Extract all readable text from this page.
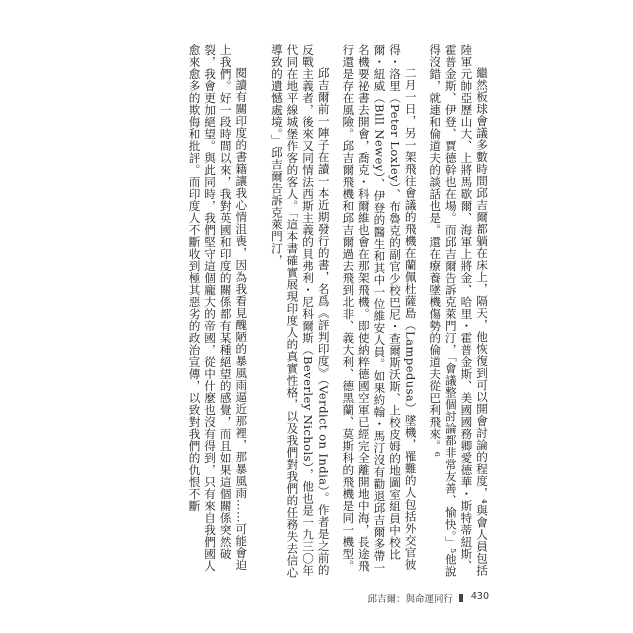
繼然板球會議多數時間邱吉爾都躺在床上，隔天，他恢復到可以開會討論的程度，⁴與會人員包括陸軍元帥亞歷山大、上將馬歇爾、海軍上將金、哈里・霍普金斯、美國國務卿愛德華・斯特蒂紐斯、霍普金斯、伊登、賈德幹也在場。而邱吉爾告訴克萊門汀，「會議整個討論都非常友善、愉快。」⁵他說得沒錯，就連和倫道夫的談話也是。還在療養墜機傷勢的倫道夫從巴利飛來。⁶

二月一日，另一架飛往會議的飛機在蘭佩杜薩島（Lampedusa）墜機，罹難的人包括外交官彼得・洛里（Peter Loxley）、布魯克的副官少校巴尼・查爾斯沃斯、上校皮姆的地圖室組員中校比爾・紐威（Bill Newey）、伊登的醫生和其中一位維安人員。如果約翰・馬汀沒有勸退邱吉爾多帶一名機要祕書去開會，喬克・科爾維也會在那架飛機。即使納粹德國空軍已經完全離開地中海，長途飛行還是存在風險。邱吉爾飛機和邱吉爾過去飛到北非、義大利、德黑蘭、莫斯科的飛機是同一機型。

邱吉爾前一陣子在讀一本近期發行的書，名爲《評判印度》（Verdict on India）。作者是之前的反戰主義者，後來又同情法西斯主義的貝弗利・尼科爾斯（Beverley Nichols），他也是一九三〇年代同在地平線城堡作客的客人。「這本書確實展現印度人的真實性格，以及我們對我們的任務失去信心導致的遺憾處境。」邱吉爾告訴克萊門汀，

閱讀有關印度的書籍讓我心情沮喪，因為我看見醜陋的暴風雨逼近那裡，那暴風雨……可能會迫上我們。好一段時間以來，我對英國和印度的關係都有某種絕望的感覺，而且如果這個關係突然破裂，我會更加絕望。與此同時，我們堅守這個龐大的帝國，從中什麼也沒有得到，只有來自我們國人愈來愈多的欺侮和批評。而印度人不斷收到極其惡劣的政治宣傳，以致對我們的仇恨不斷

邱吉爾：與命運同行 430
